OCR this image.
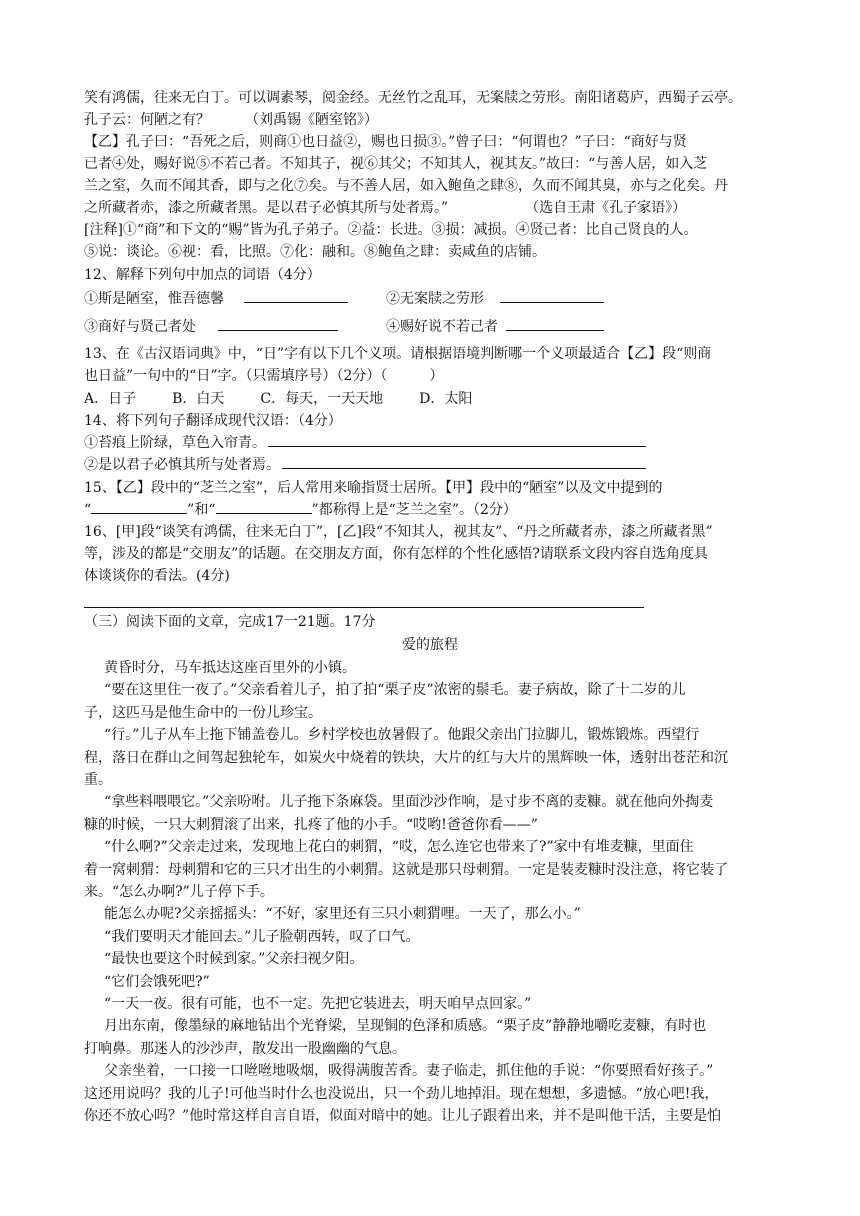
笑有鸿儒，往来无白丁。可以调素琴，阅金经。无丝竹之乱耳，无案牍之劳形。南阳诸葛庐，西蜀子云亭。
孔子云：何陋之有？　　　（刘禹锡《陋室铭》）
【乙】孔子曰：“吾死之后，则商①也日益②，赐也日损③。”曾子曰：“何谓也？”子曰：“商好与贤
已者④处，赐好说⑤不若己者。不知其子，视⑥其父；不知其人，视其友。”故曰：“与善人居，如入芝
兰之室，久而不闻其香，即与之化⑦矣。与不善人居，如入鲍鱼之肆⑧，久而不闻其臭，亦与之化矣。丹
之所藏者赤，漆之所藏者黑。是以君子必慎其所与处者焉。”　　　　　　（选自王肃《孔子家语》）
[注释]①“商”和下文的“赐”皆为孔子弟子。②益：长进。③损：减损。④贤己者：比自己贤良的人。
⑤说：谈论。⑥视：看，比照。⑦化：融和。⑧鲍鱼之肆：卖咸鱼的店铺。
12、解释下列句中加点的词语（4分）
①斯是陋室，惟吾德馨	②无案牍之劳形
③商好与贤己者处	④赐好说不若己者
13、在《古汉语词典》中，“日”字有以下几个义项。请根据语境判断哪一个义项最适合【乙】段“则商
也日益”一句中的“日”字。（只需填序号）（2分）（　　　）
A．日子	B．白天	C．每天，一天天地	D．太阳
14、将下列句子翻译成现代汉语：（4分）
①苔痕上阶绿，草色入帘青。
②是以君子必慎其所与处者焉。
15、【乙】段中的“芝兰之室”，后人常用来喻指贤士居所。【甲】段中的“陋室”以及文中提到的
“	”和“	”都称得上是“芝兰之室”。（2分）
16、[甲]段“谈笑有鸿儒，往来无白丁”，[乙]段“不知其人，视其友”、“丹之所藏者赤，漆之所藏者黑”
等，涉及的都是“交朋友”的话题。在交朋友方面，你有怎样的个性化感悟?请联系文段内容自选角度具
体谈谈你的看法。(4分)
（三）阅读下面的文章，完成17一21题。17分
爱的旅程
黄昏时分，马车抵达这座百里外的小镇。
“要在这里住一夜了。”父亲看着儿子，拍了拍“栗子皮”浓密的鬃毛。妻子病故，除了十二岁的儿
子，这匹马是他生命中的一份儿珍宝。
“行。”儿子从车上拖下铺盖卷儿。乡村学校也放暑假了。他跟父亲出门拉脚儿，锻炼锻炼。西望行
程，落日在群山之间驾起独轮车，如炭火中烧着的铁块，大片的红与大片的黑辉映一体，透射出苍茫和沉
重。
“拿些料喂喂它。”父亲吩咐。儿子拖下条麻袋。里面沙沙作响，是寸步不离的麦糠。就在他向外掏麦
糠的时候，一只大刺猬滚了出来，扎疼了他的小手。“哎哟!爸爸你看——”
“什么啊?”父亲走过来，发现地上花白的刺猬，“哎，怎么连它也带来了?”家中有堆麦糠，里面住
着一窝刺猬：母刺猬和它的三只才出生的小刺猬。这就是那只母刺猬。一定是装麦糠时没注意，将它装了
来。“怎么办啊?”儿子停下手。
能怎么办呢?父亲摇摇头：“不好，家里还有三只小刺猬哩。一天了，那么小。”
“我们要明天才能回去。”儿子脸朝西转，叹了口气。
“最快也要这个时候到家。”父亲扫视夕阳。
“它们会饿死吧?”
“一天一夜。很有可能，也不一定。先把它装进去，明天咱早点回家。”
月出东南，像墨绿的麻地钻出个光脊梁，呈现铜的色泽和质感。“栗子皮”静静地嚼吃麦糠，有时也
打响鼻。那迷人的沙沙声，散发出一股幽幽的气息。
父亲坐着，一口接一口咝咝地吸烟，吸得满腹苦香。妻子临走，抓住他的手说：“你要照看好孩子。”
这还用说吗？我的儿子!可他当时什么也没说出，只一个劲儿地掉泪。现在想想，多遗憾。“放心吧!我，
你还不放心吗？”他时常这样自言自语，似面对暗中的她。让儿子跟着出来，并不是叫他干活，主要是怕
